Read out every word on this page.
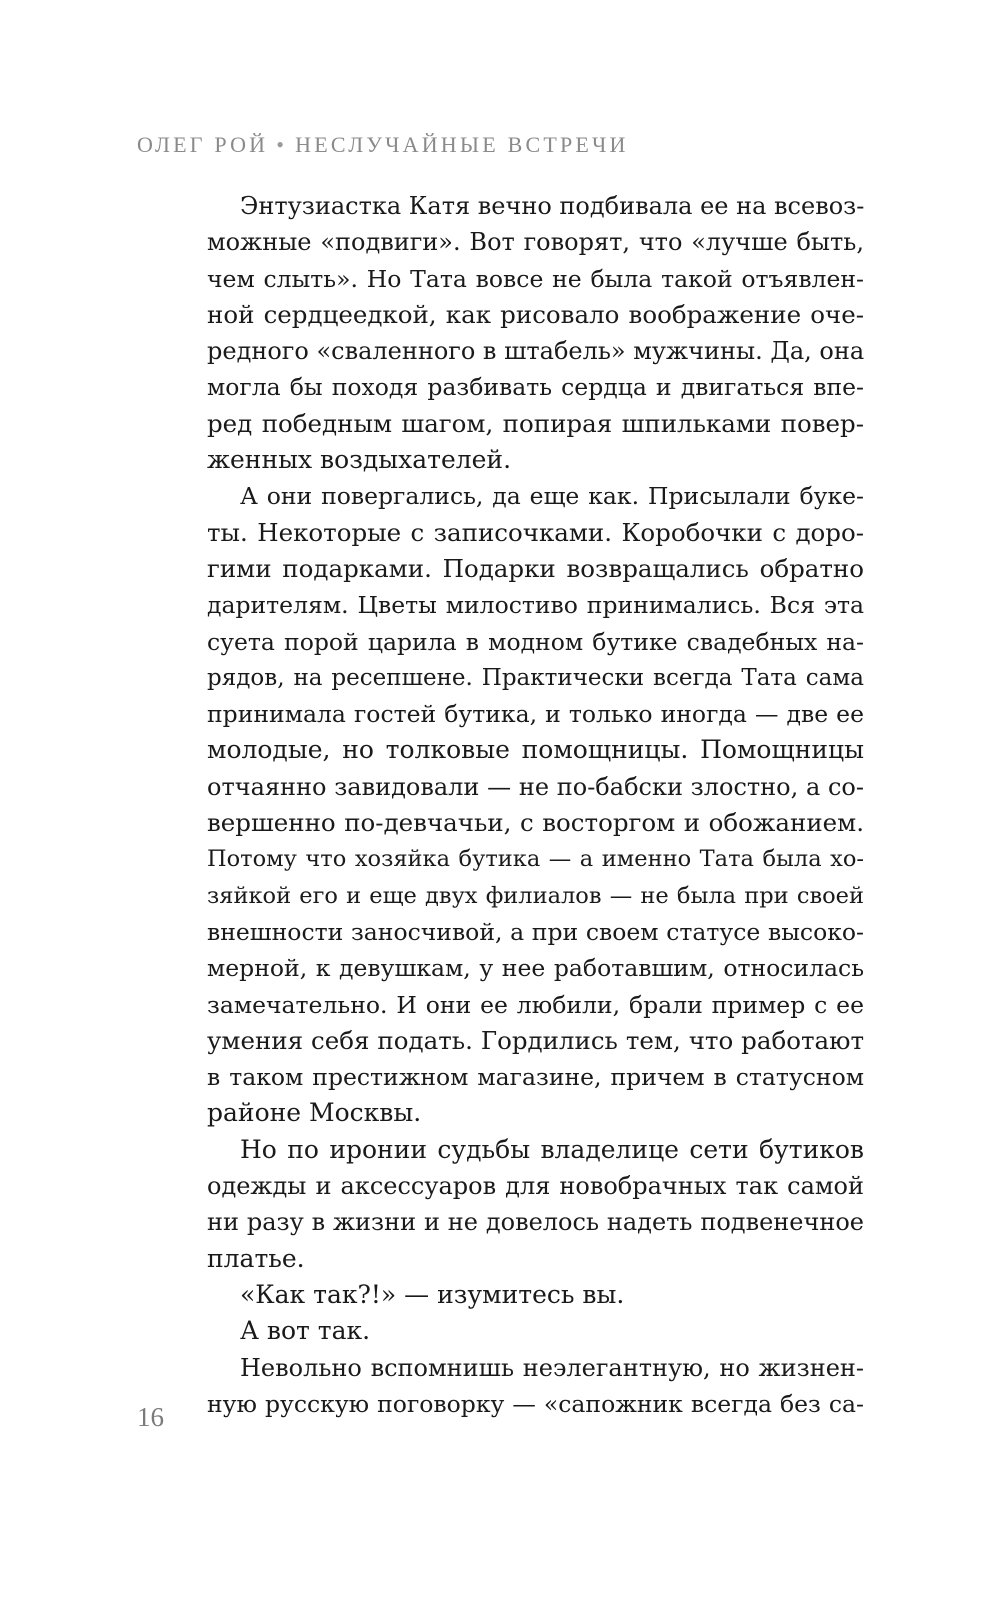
ОЛЕГ РОЙ • НЕСЛУЧАЙНЫЕ ВСТРЕЧИ
Энтузиастка Катя вечно подбивала ее на всевоз-
можные «подвиги». Вот говорят, что «лучше быть,
чем слыть». Но Тата вовсе не была такой отъявлен-
ной сердцеедкой, как рисовало воображение оче-
редного «сваленного в штабель» мужчины. Да, она
могла бы походя разбивать сердца и двигаться впе-
ред победным шагом, попирая шпильками повер-
женных воздыхателей.
А они повергались, да еще как. Присылали буке-
ты. Некоторые с записочками. Коробочки с доро-
гими подарками. Подарки возвращались обратно
дарителям. Цветы милостиво принимались. Вся эта
суета порой царила в модном бутике свадебных на-
рядов, на ресепшене. Практически всегда Тата сама
принимала гостей бутика, и только иногда — две ее
молодые, но толковые помощницы. Помощницы
отчаянно завидовали — не по-бабски злостно, а со-
вершенно по-девчачьи, с восторгом и обожанием.
Потому что хозяйка бутика — а именно Тата была хо-
зяйкой его и еще двух филиалов — не была при своей
внешности заносчивой, а при своем статусе высоко-
мерной, к девушкам, у нее работавшим, относилась
замечательно. И они ее любили, брали пример с ее
умения себя подать. Гордились тем, что работают
в таком престижном магазине, причем в статусном
районе Москвы.
Но по иронии судьбы владелице сети бутиков
одежды и аксессуаров для новобрачных так самой
ни разу в жизни и не довелось надеть подвенечное
платье.
«Как так?!» — изумитесь вы.
А вот так.
Невольно вспомнишь неэлегантную, но жизнен-
ную русскую поговорку — «сапожник всегда без са-
16
